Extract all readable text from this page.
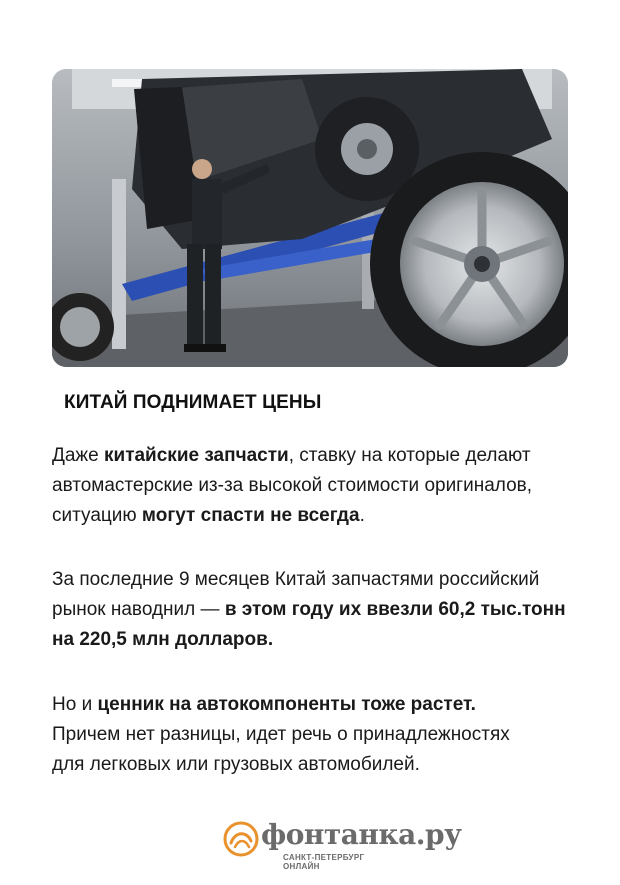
КИТАЙ ПОДНИМАЕТ ЦЕНЫ
Даже китайские запчасти, ставку на которые делают автомастерские из-за высокой стоимости оригиналов, ситуацию могут спасти не всегда.
За последние 9 месяцев Китай запчастями российский рынок наводнил — в этом году их ввезли 60,2 тыс.тонн на 220,5 млн долларов.
Но и ценник на автокомпоненты тоже растет.
Причем нет разницы, идет речь о принадлежностях
для легковых или грузовых автомобилей.
фонтанка.ру
САНКТ-ПЕТЕРБУРГ ОНЛАЙН
